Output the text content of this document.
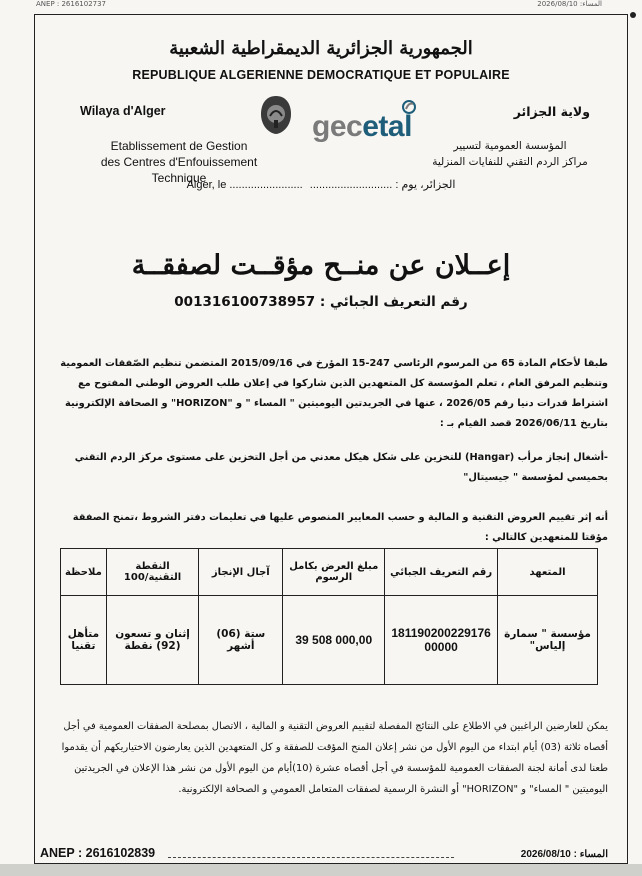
ANEP : 2616102737	2026/08/10 :المساء
الجمهورية الجزائرية الديمقراطية الشعبية
REPUBLIQUE ALGERIENNE DEMOCRATIQUE ET POPULAIRE
Wilaya d'Alger	ولاية الجزائر
Etablissement de Gestion
des Centres d'Enfouissement Technique
gecetal
المؤسسة العمومية لتسيير
مراكز الردم التقني للنفايات المنزلية
Alger, le ........................ الجزائر، يوم : ...........................
إعــلان عن منــح مؤقــت لصفقــة
رقم التعريف الجبائي : 001316100738957
طبقا لأحكام المادة 65 من المرسوم الرئاسي 247-15 المؤرخ في 2015/09/16 المتضمن تنظيم الصّفقات العمومية وتنظيم المرفق العام ، تعلم المؤسسة كل المتعهدين الذين شاركوا في إعلان طلب العروض الوطني المفتوح مع اشتراط قدرات دنيا رقم 2026/05 ، عنها في الجريدتين اليوميتين " المساء " و "HORIZON" و الصحافة الإلكترونية بتاريخ 2026/06/11 قصد القيام بـ :
-أشغال إنجاز مرأب (Hangar) للتخزين على شكل هيكل معدني من أجل التخزين على مستوى مركز الردم التقني بحميسي لمؤسسة " جيسيتال"
أنه إثر تقييم العروض التقنية و المالية و حسب المعايير المنصوص عليها في تعليمات دفتر الشروط ،تمنح الصفقة مؤقتا للمتعهدين كالتالي :
المتعهد	رقم التعريف الجبائي	مبلغ العرض بكامل الرسوم	آجال الإنجاز	النقطة التقنية/100	ملاحظة
مؤسسة " سمارة إلياس"	181190200229176 00000	39 508 000,00	ستة (06) أشهر	إثنان و تسعون (92) نقطة	متأهل تقنيا
يمكن للعارضين الراغبين في الاطلاع على النتائج المفصلة لتقييم العروض التقنية و المالية ، الاتصال بمصلحة الصفقات العمومية في أجل أقصاه ثلاثة (03) أيام ابتداء من اليوم الأول من نشر إعلان المنح المؤقت للصفقة و كل المتعهدين الذين يعارضون الاختياريكهم أن يقدموا طعنا لدى أمانة لجنة الصفقات العمومية للمؤسسة في أجل أقصاه عشرة (10)أيام من اليوم الأول من نشر هذا الإعلان في الجريدتين اليوميتين " المساء" و "HORIZON" أو النشرة الرسمية لصفقات المتعامل العمومي و الصحافة الإلكترونية.
ANEP : 2616102839	2026/08/10 المساء :
